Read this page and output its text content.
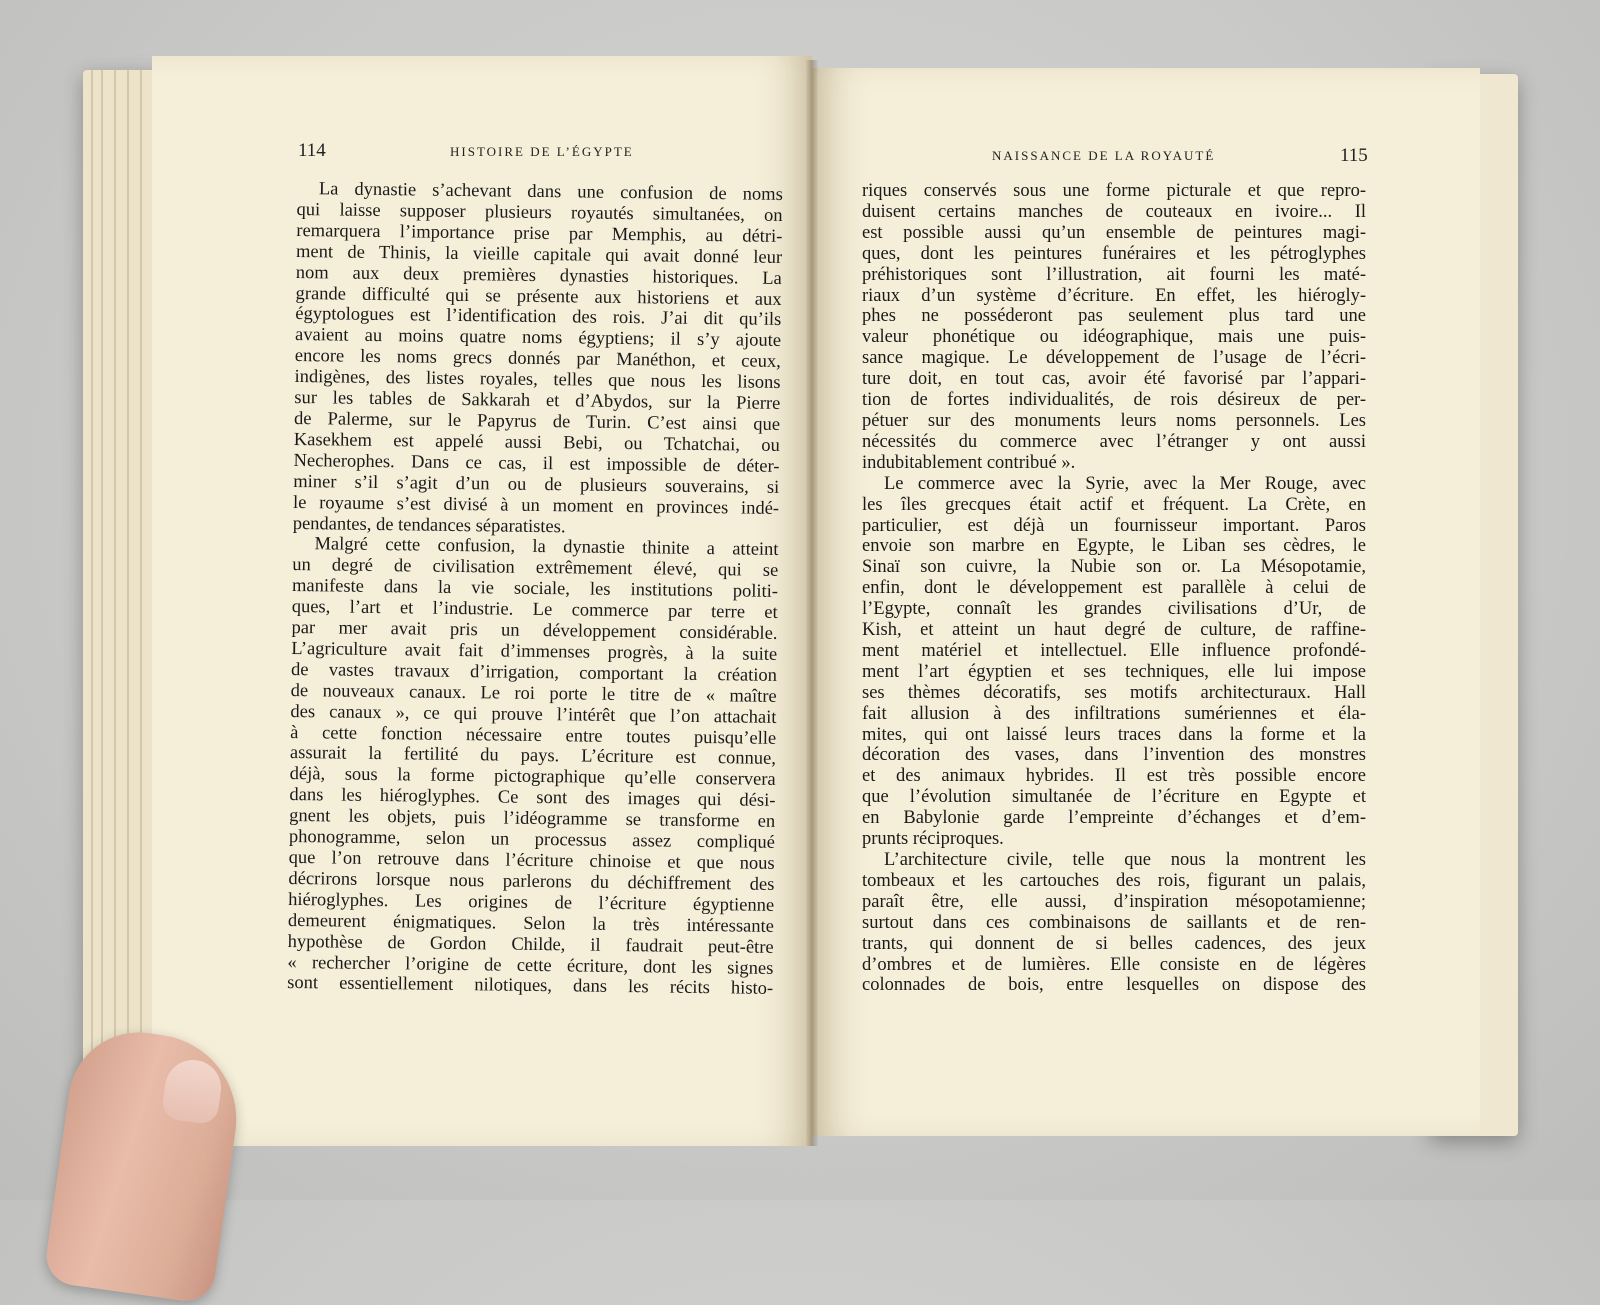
114	HISTOIRE DE L’ÉGYPTE	NAISSANCE DE LA ROYAUTÉ	115
La dynastie s’achevant dans une confusion de noms
qui laisse supposer plusieurs royautés simultanées, on
remarquera l’importance prise par Memphis, au détri-
ment de Thinis, la vieille capitale qui avait donné leur
nom aux deux premières dynasties historiques. La
grande difficulté qui se présente aux historiens et aux
égyptologues est l’identification des rois. J’ai dit qu’ils
avaient au moins quatre noms égyptiens; il s’y ajoute
encore les noms grecs donnés par Manéthon, et ceux,
indigènes, des listes royales, telles que nous les lisons
sur les tables de Sakkarah et d’Abydos, sur la Pierre
de Palerme, sur le Papyrus de Turin. C’est ainsi que
Kasekhem est appelé aussi Bebi, ou Tchatchai, ou
Necherophes. Dans ce cas, il est impossible de déter-
miner s’il s’agit d’un ou de plusieurs souverains, si
le royaume s’est divisé à un moment en provinces indé-
pendantes, de tendances séparatistes.
Malgré cette confusion, la dynastie thinite a atteint
un degré de civilisation extrêmement élevé, qui se
manifeste dans la vie sociale, les institutions politi-
ques, l’art et l’industrie. Le commerce par terre et
par mer avait pris un développement considérable.
L’agriculture avait fait d’immenses progrès, à la suite
de vastes travaux d’irrigation, comportant la création
de nouveaux canaux. Le roi porte le titre de « maître
des canaux », ce qui prouve l’intérêt que l’on attachait
à cette fonction nécessaire entre toutes puisqu’elle
assurait la fertilité du pays. L’écriture est connue,
déjà, sous la forme pictographique qu’elle conservera
dans les hiéroglyphes. Ce sont des images qui dési-
gnent les objets, puis l’idéogramme se transforme en
phonogramme, selon un processus assez compliqué
que l’on retrouve dans l’écriture chinoise et que nous
décrirons lorsque nous parlerons du déchiffrement des
hiéroglyphes. Les origines de l’écriture égyptienne
demeurent énigmatiques. Selon la très intéressante
hypothèse de Gordon Childe, il faudrait peut-être
« rechercher l’origine de cette écriture, dont les signes
sont essentiellement nilotiques, dans les récits histo-
riques conservés sous une forme picturale et que repro-
duisent certains manches de couteaux en ivoire... Il
est possible aussi qu’un ensemble de peintures magi-
ques, dont les peintures funéraires et les pétroglyphes
préhistoriques sont l’illustration, ait fourni les maté-
riaux d’un système d’écriture. En effet, les hiérogly-
phes ne posséderont pas seulement plus tard une
valeur phonétique ou idéographique, mais une puis-
sance magique. Le développement de l’usage de l’écri-
ture doit, en tout cas, avoir été favorisé par l’appari-
tion de fortes individualités, de rois désireux de per-
pétuer sur des monuments leurs noms personnels. Les
nécessités du commerce avec l’étranger y ont aussi
indubitablement contribué ».
Le commerce avec la Syrie, avec la Mer Rouge, avec
les îles grecques était actif et fréquent. La Crète, en
particulier, est déjà un fournisseur important. Paros
envoie son marbre en Egypte, le Liban ses cèdres, le
Sinaï son cuivre, la Nubie son or. La Mésopotamie,
enfin, dont le développement est parallèle à celui de
l’Egypte, connaît les grandes civilisations d’Ur, de
Kish, et atteint un haut degré de culture, de raffine-
ment matériel et intellectuel. Elle influence profondé-
ment l’art égyptien et ses techniques, elle lui impose
ses thèmes décoratifs, ses motifs architecturaux. Hall
fait allusion à des infiltrations sumériennes et éla-
mites, qui ont laissé leurs traces dans la forme et la
décoration des vases, dans l’invention des monstres
et des animaux hybrides. Il est très possible encore
que l’évolution simultanée de l’écriture en Egypte et
en Babylonie garde l’empreinte d’échanges et d’em-
prunts réciproques.
L’architecture civile, telle que nous la montrent les
tombeaux et les cartouches des rois, figurant un palais,
paraît être, elle aussi, d’inspiration mésopotamienne;
surtout dans ces combinaisons de saillants et de ren-
trants, qui donnent de si belles cadences, des jeux
d’ombres et de lumières. Elle consiste en de légères
colonnades de bois, entre lesquelles on dispose des
